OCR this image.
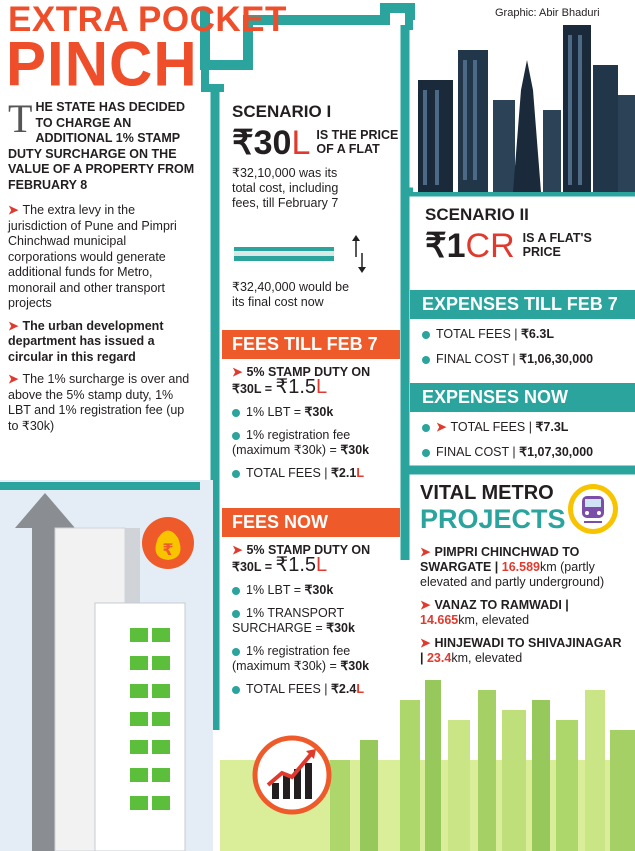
EXTRA POCKET
PINCH
Graphic: Abir Bhaduri
T HE STATE HAS DECIDED TO CHARGE AN ADDITIONAL 1% STAMP DUTY SURCHARGE ON THE VALUE OF A PROPERTY FROM FEBRUARY 8
➤ The extra levy in the jurisdiction of Pune and Pimpri Chinchwad municipal corporations would generate additional funds for Metro, monorail and other transport projects
➤ The urban development department has issued a circular in this regard
➤ The 1% surcharge is over and above the 5% stamp duty, 1% LBT and 1% registration fee (up to ₹30k)
SCENARIO I
₹30 L IS THE PRICE OF A FLAT
₹32,10,000 was its total cost, including fees, till February 7
₹32,40,000 would be its final cost now
FEES TILL FEB 7
➤ 5% STAMP DUTY ON ₹30L = ₹1.5L
1% LBT = ₹30k
1% registration fee (maximum ₹30k) = ₹30k
TOTAL FEES | ₹2.1L
FEES NOW
➤ 5% STAMP DUTY ON ₹30L = ₹1.5L
1% LBT = ₹30k
1% TRANSPORT SURCHARGE = ₹30k
1% registration fee (maximum ₹30k) = ₹30k
TOTAL FEES | ₹2.4L
SCENARIO II
₹1 CR IS A FLAT'S PRICE
EXPENSES TILL FEB 7
TOTAL FEES | ₹6.3L
FINAL COST | ₹1,06,30,000
EXPENSES NOW
➤ TOTAL FEES | ₹7.3L
FINAL COST | ₹1,07,30,000
VITAL METRO
PROJECTS
➤ PIMPRI CHINCHWAD TO SWARGATE | 16.589km (partly elevated and partly underground)
➤ VANAZ TO RAMWADI | 14.665km, elevated
➤ HINJEWADI TO SHIVAJINAGAR | 23.4km, elevated
₹
